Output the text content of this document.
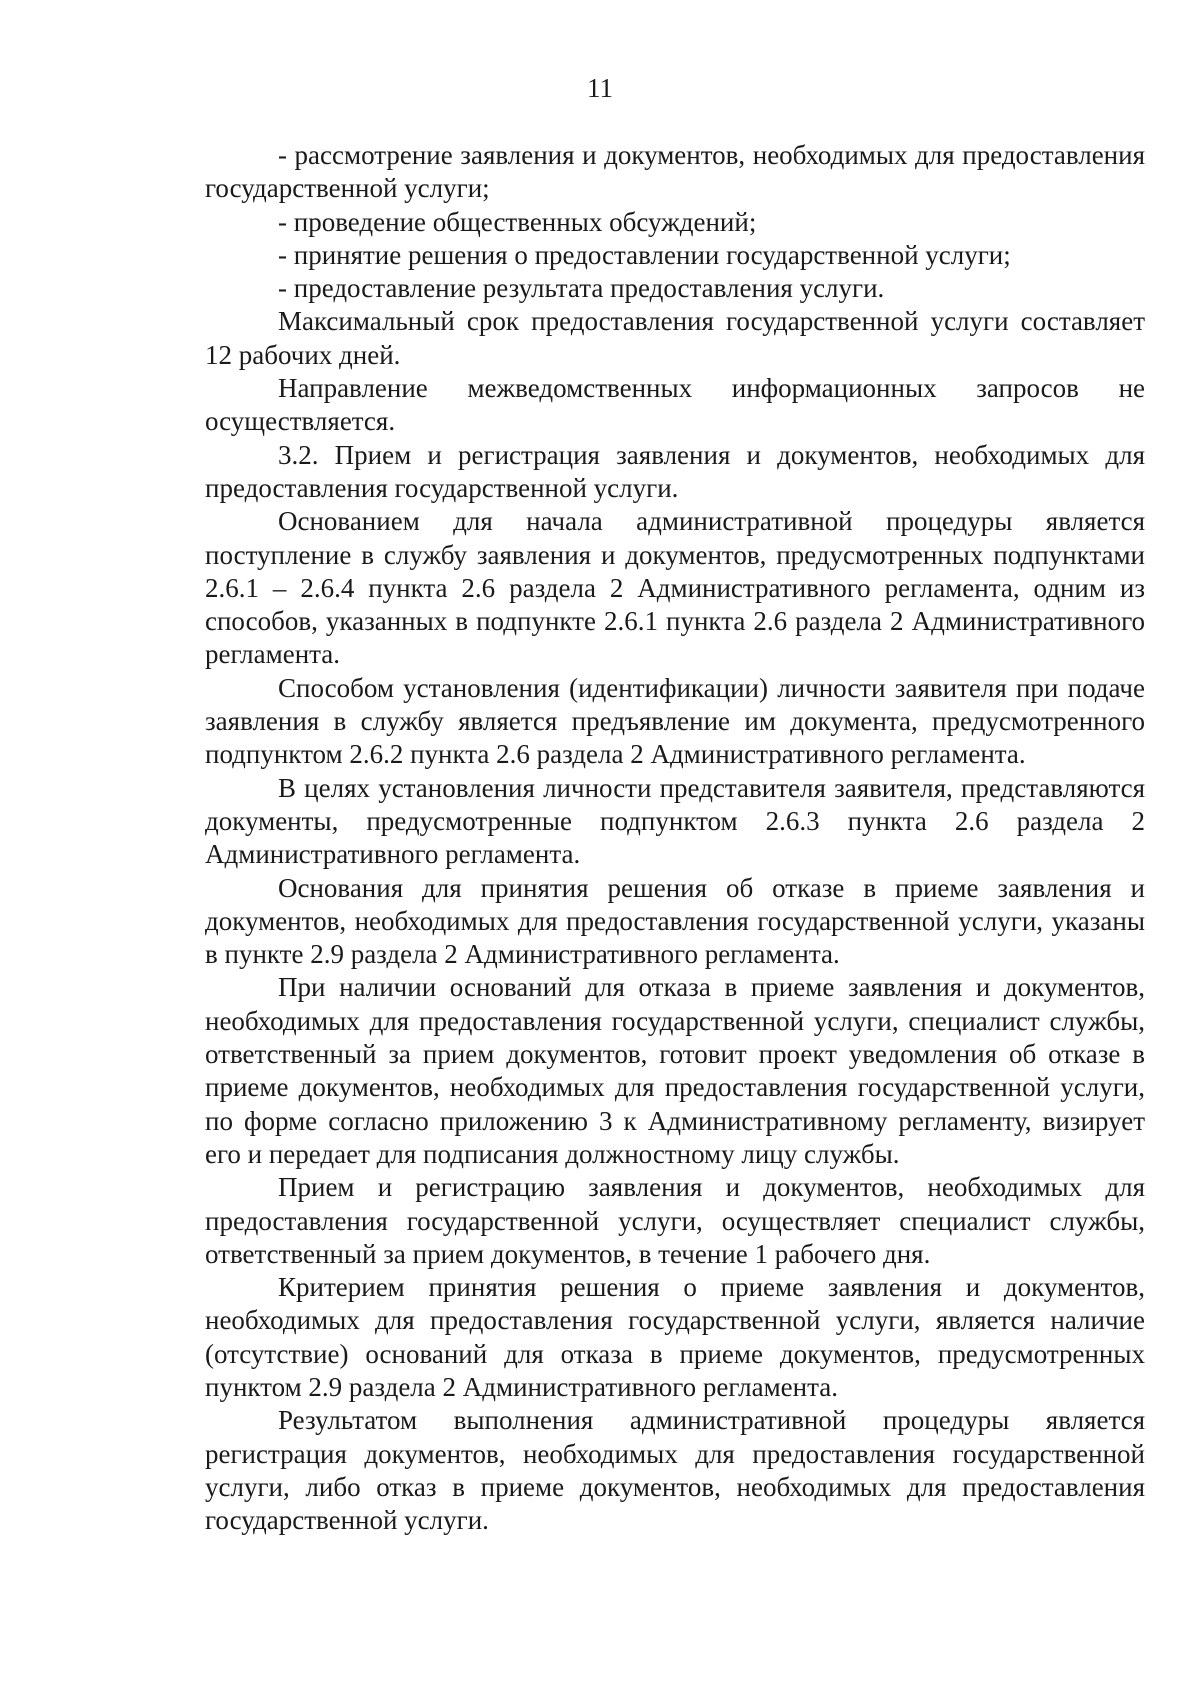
11

- рассмотрение заявления и документов, необходимых для предоставления государственной услуги;

- проведение общественных обсуждений;

- принятие решения о предоставлении государственной услуги;

- предоставление результата предоставления услуги.

Максимальный срок предоставления государственной услуги составляет 12 рабочих дней.

Направление межведомственных информационных запросов не осуществляется.

3.2. Прием и регистрация заявления и документов, необходимых для предоставления государственной услуги.

Основанием для начала административной процедуры является поступление в службу заявления и документов, предусмотренных подпунктами 2.6.1 – 2.6.4 пункта 2.6 раздела 2 Административного регламента, одним из способов, указанных в подпункте 2.6.1 пункта 2.6 раздела 2 Административного регламента.

Способом установления (идентификации) личности заявителя при подаче заявления в службу является предъявление им документа, предусмотренного подпунктом 2.6.2 пункта 2.6 раздела 2 Административного регламента.

В целях установления личности представителя заявителя, представляются документы, предусмотренные подпунктом 2.6.3 пункта 2.6 раздела 2 Административного регламента.

Основания для принятия решения об отказе в приеме заявления и документов, необходимых для предоставления государственной услуги, указаны в пункте 2.9 раздела 2 Административного регламента.

При наличии оснований для отказа в приеме заявления и документов, необходимых для предоставления государственной услуги, специалист службы, ответственный за прием документов, готовит проект уведомления об отказе в приеме документов, необходимых для предоставления государственной услуги, по форме согласно приложению 3 к Административному регламенту, визирует его и передает для подписания должностному лицу службы.

Прием и регистрацию заявления и документов, необходимых для предоставления государственной услуги, осуществляет специалист службы, ответственный за прием документов, в течение 1 рабочего дня.

Критерием принятия решения о приеме заявления и документов, необходимых для предоставления государственной услуги, является наличие (отсутствие) оснований для отказа в приеме документов, предусмотренных пунктом 2.9 раздела 2 Административного регламента.

Результатом выполнения административной процедуры является регистрация документов, необходимых для предоставления государственной услуги, либо отказ в приеме документов, необходимых для предоставления государственной услуги.
